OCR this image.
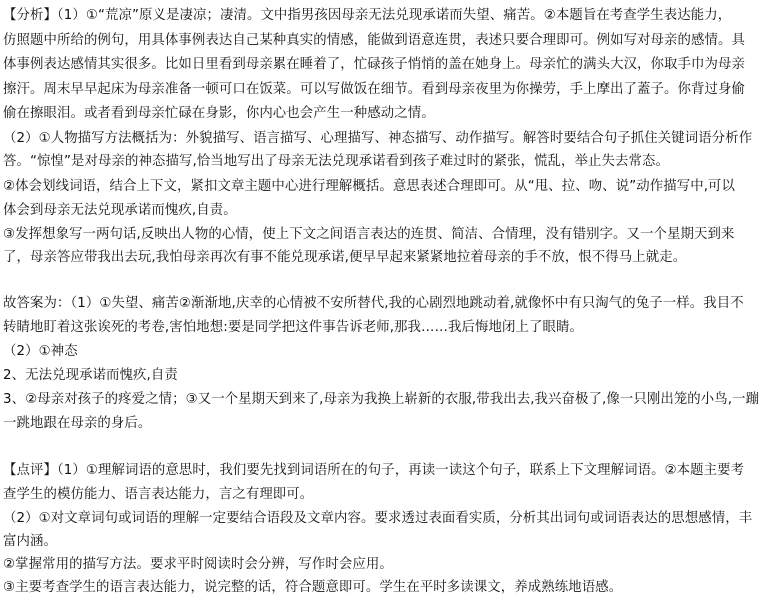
【分析】（1）①“荒凉”原义是凄凉；凄清。文中指男孩因母亲无法兑现承诺而失望、痛苦。②本题旨在考查学生表达能力，
仿照题中所给的例句，用具体事例表达自己某种真实的情感，能做到语意连贯，表述只要合理即可。例如写对母亲的感情。具
体事例表达感情其实很多。比如日里看到母亲累在睡着了，忙碌孩子悄悄的盖在她身上。母亲忙的满头大汉，你取手巾为母亲
擦汗。周末早早起床为母亲准备一顿可口在饭菜。可以写做饭在细节。看到母亲夜里为你操劳，手上摩出了蓋子。你背过身偷
偷在擦眼泪。或者看到母亲忙碌在身影，你内心也会产生一种感动之情。
（2）①人物描写方法概括为：外貌描写、语言描写、心理描写、神态描写、动作描写。解答时要结合句子抓住关键词语分析作
答。“惊惶”是对母亲的神态描写,恰当地写出了母亲无法兑现承诺看到孩子难过时的紧张，慌乱，举止失去常态。
②体会划线词语，结合上下文，紧扣文章主题中心进行理解概括。意思表述合理即可。从“甩、拉、吻、说”动作描写中,可以
体会到母亲无法兑现承诺而愧疚,自责。
③发挥想象写一两句话,反映出人物的心情，使上下文之间语言表达的连贯、简洁、合情理，没有错别字。又一个星期天到来
了，母亲答应带我出去玩,我怕母亲再次有事不能兑现承诺,便早早起来紧紧地拉着母亲的手不放，恨不得马上就走。
故答案为：（1）①失望、痛苦②渐渐地,庆幸的心情被不安所替代,我的心剧烈地跳动着,就像怀中有只淘气的兔子一样。我目不
转睛地盯着这张诶死的考卷,害怕地想:要是同学把这件事告诉老师,那我……我后悔地闭上了眼睛。
（2）①神态
2、无法兑现承诺而愧疚,自责
3、②母亲对孩子的疼爱之情；③又一个星期天到来了,母亲为我换上崭新的衣服,带我出去,我兴奋极了,像一只刚出笼的小鸟,一蹦
一跳地跟在母亲的身后。
【点评】（1）①理解词语的意思时，我们要先找到词语所在的句子，再读一读这个句子，联系上下文理解词语。②本题主要考
查学生的模仿能力、语言表达能力，言之有理即可。
（2）①对文章词句或词语的理解一定要结合语段及文章内容。要求透过表面看实质，分析其出词句或词语表达的思想感情，丰
富内涵。
②掌握常用的描写方法。要求平时阅读时会分辨，写作时会应用。
③主要考查学生的语言表达能力，说完整的话，符合题意即可。学生在平时多读课文，养成熟练地语感。
